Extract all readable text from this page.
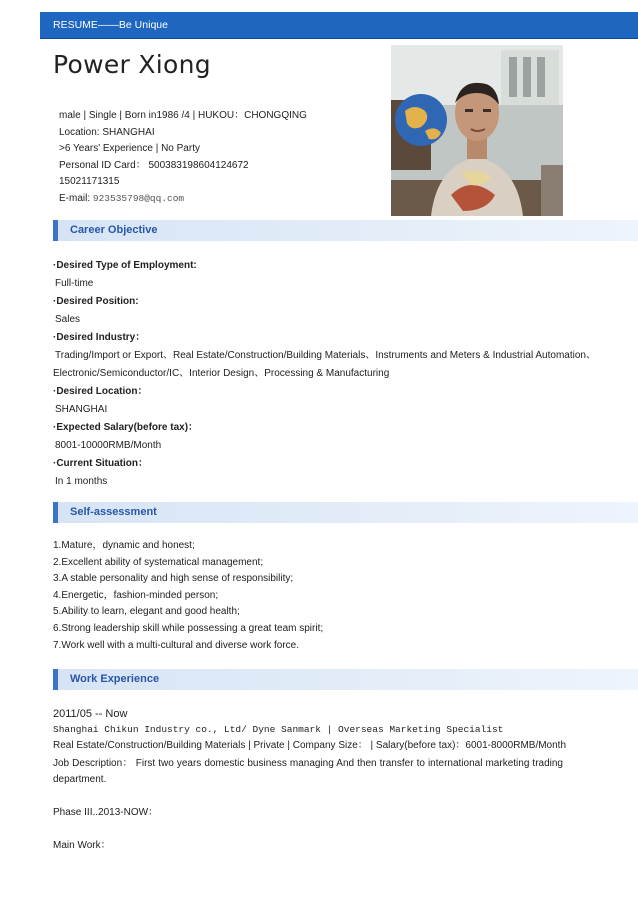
RESUME——Be Unique
Power Xiong
male | Single | Born in1986 /4 | HUKOU：CHONGQING
Location: SHANGHAI
>6 Years' Experience | No Party
Personal ID Card： 500383198604124672
15021171315
E-mail: 923535798@qq.com
Career Objective
·Desired Type of Employment:
Full-time
·Desired Position:
Sales
·Desired Industry：
Trading/Import or Export、Real Estate/Construction/Building Materials、Instruments and Meters & Industrial Automation、
Electronic/Semiconductor/IC、Interior Design、Processing & Manufacturing
·Desired Location：
SHANGHAI
·Expected Salary(before tax)：
8001-10000RMB/Month
·Current Situation：
In 1 months
Self-assessment
1.Mature，dynamic and honest;
2.Excellent ability of systematical management;
3.A stable personality and high sense of responsibility;
4.Energetic，fashion-minded person;
5.Ability to learn, elegant and good health;
6.Strong leadership skill while possessing a great team spirit;
7.Work well with a multi-cultural and diverse work force.
Work Experience
2011/05 -- Now
Shanghai Chikun Industry co., Ltd/ Dyne Sanmark | Overseas Marketing Specialist
Real Estate/Construction/Building Materials | Private | Company Size： | Salary(before tax)：6001-8000RMB/Month
Job Description： First two years domestic business managing And then transfer to international marketing trading department.
Phase III..2013-NOW：
Main Work：
